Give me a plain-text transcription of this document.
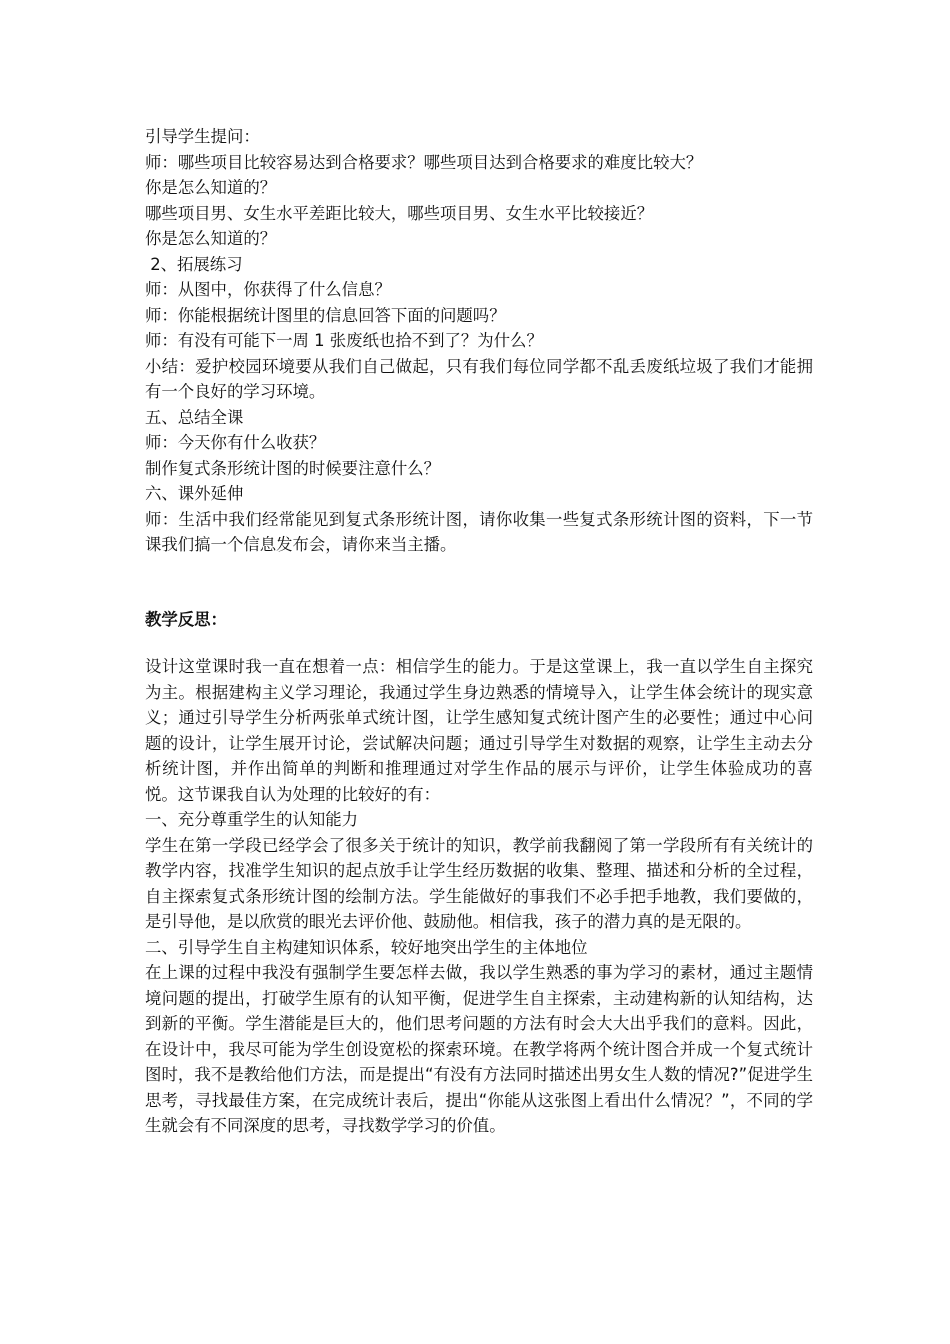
引导学生提问：
师：哪些项目比较容易达到合格要求？哪些项目达到合格要求的难度比较大？
你是怎么知道的？
哪些项目男、女生水平差距比较大，哪些项目男、女生水平比较接近？
你是怎么知道的？
2、拓展练习
师：从图中，你获得了什么信息？
师：你能根据统计图里的信息回答下面的问题吗？
师：有没有可能下一周 1 张废纸也拾不到了？为什么？
小结：爱护校园环境要从我们自己做起，只有我们每位同学都不乱丢废纸垃圾了我们才能拥有一个良好的学习环境。
五、总结全课
师：今天你有什么收获？
制作复式条形统计图的时候要注意什么？
六、课外延伸
师：生活中我们经常能见到复式条形统计图，请你收集一些复式条形统计图的资料，下一节课我们搞一个信息发布会，请你来当主播。
教学反思：
设计这堂课时我一直在想着一点：相信学生的能力。于是这堂课上，我一直以学生自主探究为主。根据建构主义学习理论，我通过学生身边熟悉的情境导入，让学生体会统计的现实意义；通过引导学生分析两张单式统计图，让学生感知复式统计图产生的必要性；通过中心问题的设计，让学生展开讨论，尝试解决问题；通过引导学生对数据的观察，让学生主动去分析统计图，并作出简单的判断和推理通过对学生作品的展示与评价，让学生体验成功的喜悦。这节课我自认为处理的比较好的有：
一、充分尊重学生的认知能力
学生在第一学段已经学会了很多关于统计的知识，教学前我翻阅了第一学段所有有关统计的教学内容，找准学生知识的起点放手让学生经历数据的收集、整理、描述和分析的全过程，自主探索复式条形统计图的绘制方法。学生能做好的事我们不必手把手地教，我们要做的，是引导他，是以欣赏的眼光去评价他、鼓励他。相信我，孩子的潜力真的是无限的。
二、引导学生自主构建知识体系，较好地突出学生的主体地位
在上课的过程中我没有强制学生要怎样去做，我以学生熟悉的事为学习的素材，通过主题情境问题的提出，打破学生原有的认知平衡，促进学生自主探索，主动建构新的认知结构，达到新的平衡。学生潜能是巨大的，他们思考问题的方法有时会大大出乎我们的意料。因此，在设计中，我尽可能为学生创设宽松的探索环境。在教学将两个统计图合并成一个复式统计图时，我不是教给他们方法，而是提出“有没有方法同时描述出男女生人数的情况?”促进学生思考，寻找最佳方案，在完成统计表后，提出“你能从这张图上看出什么情况？”，不同的学生就会有不同深度的思考，寻找数学学习的价值。
